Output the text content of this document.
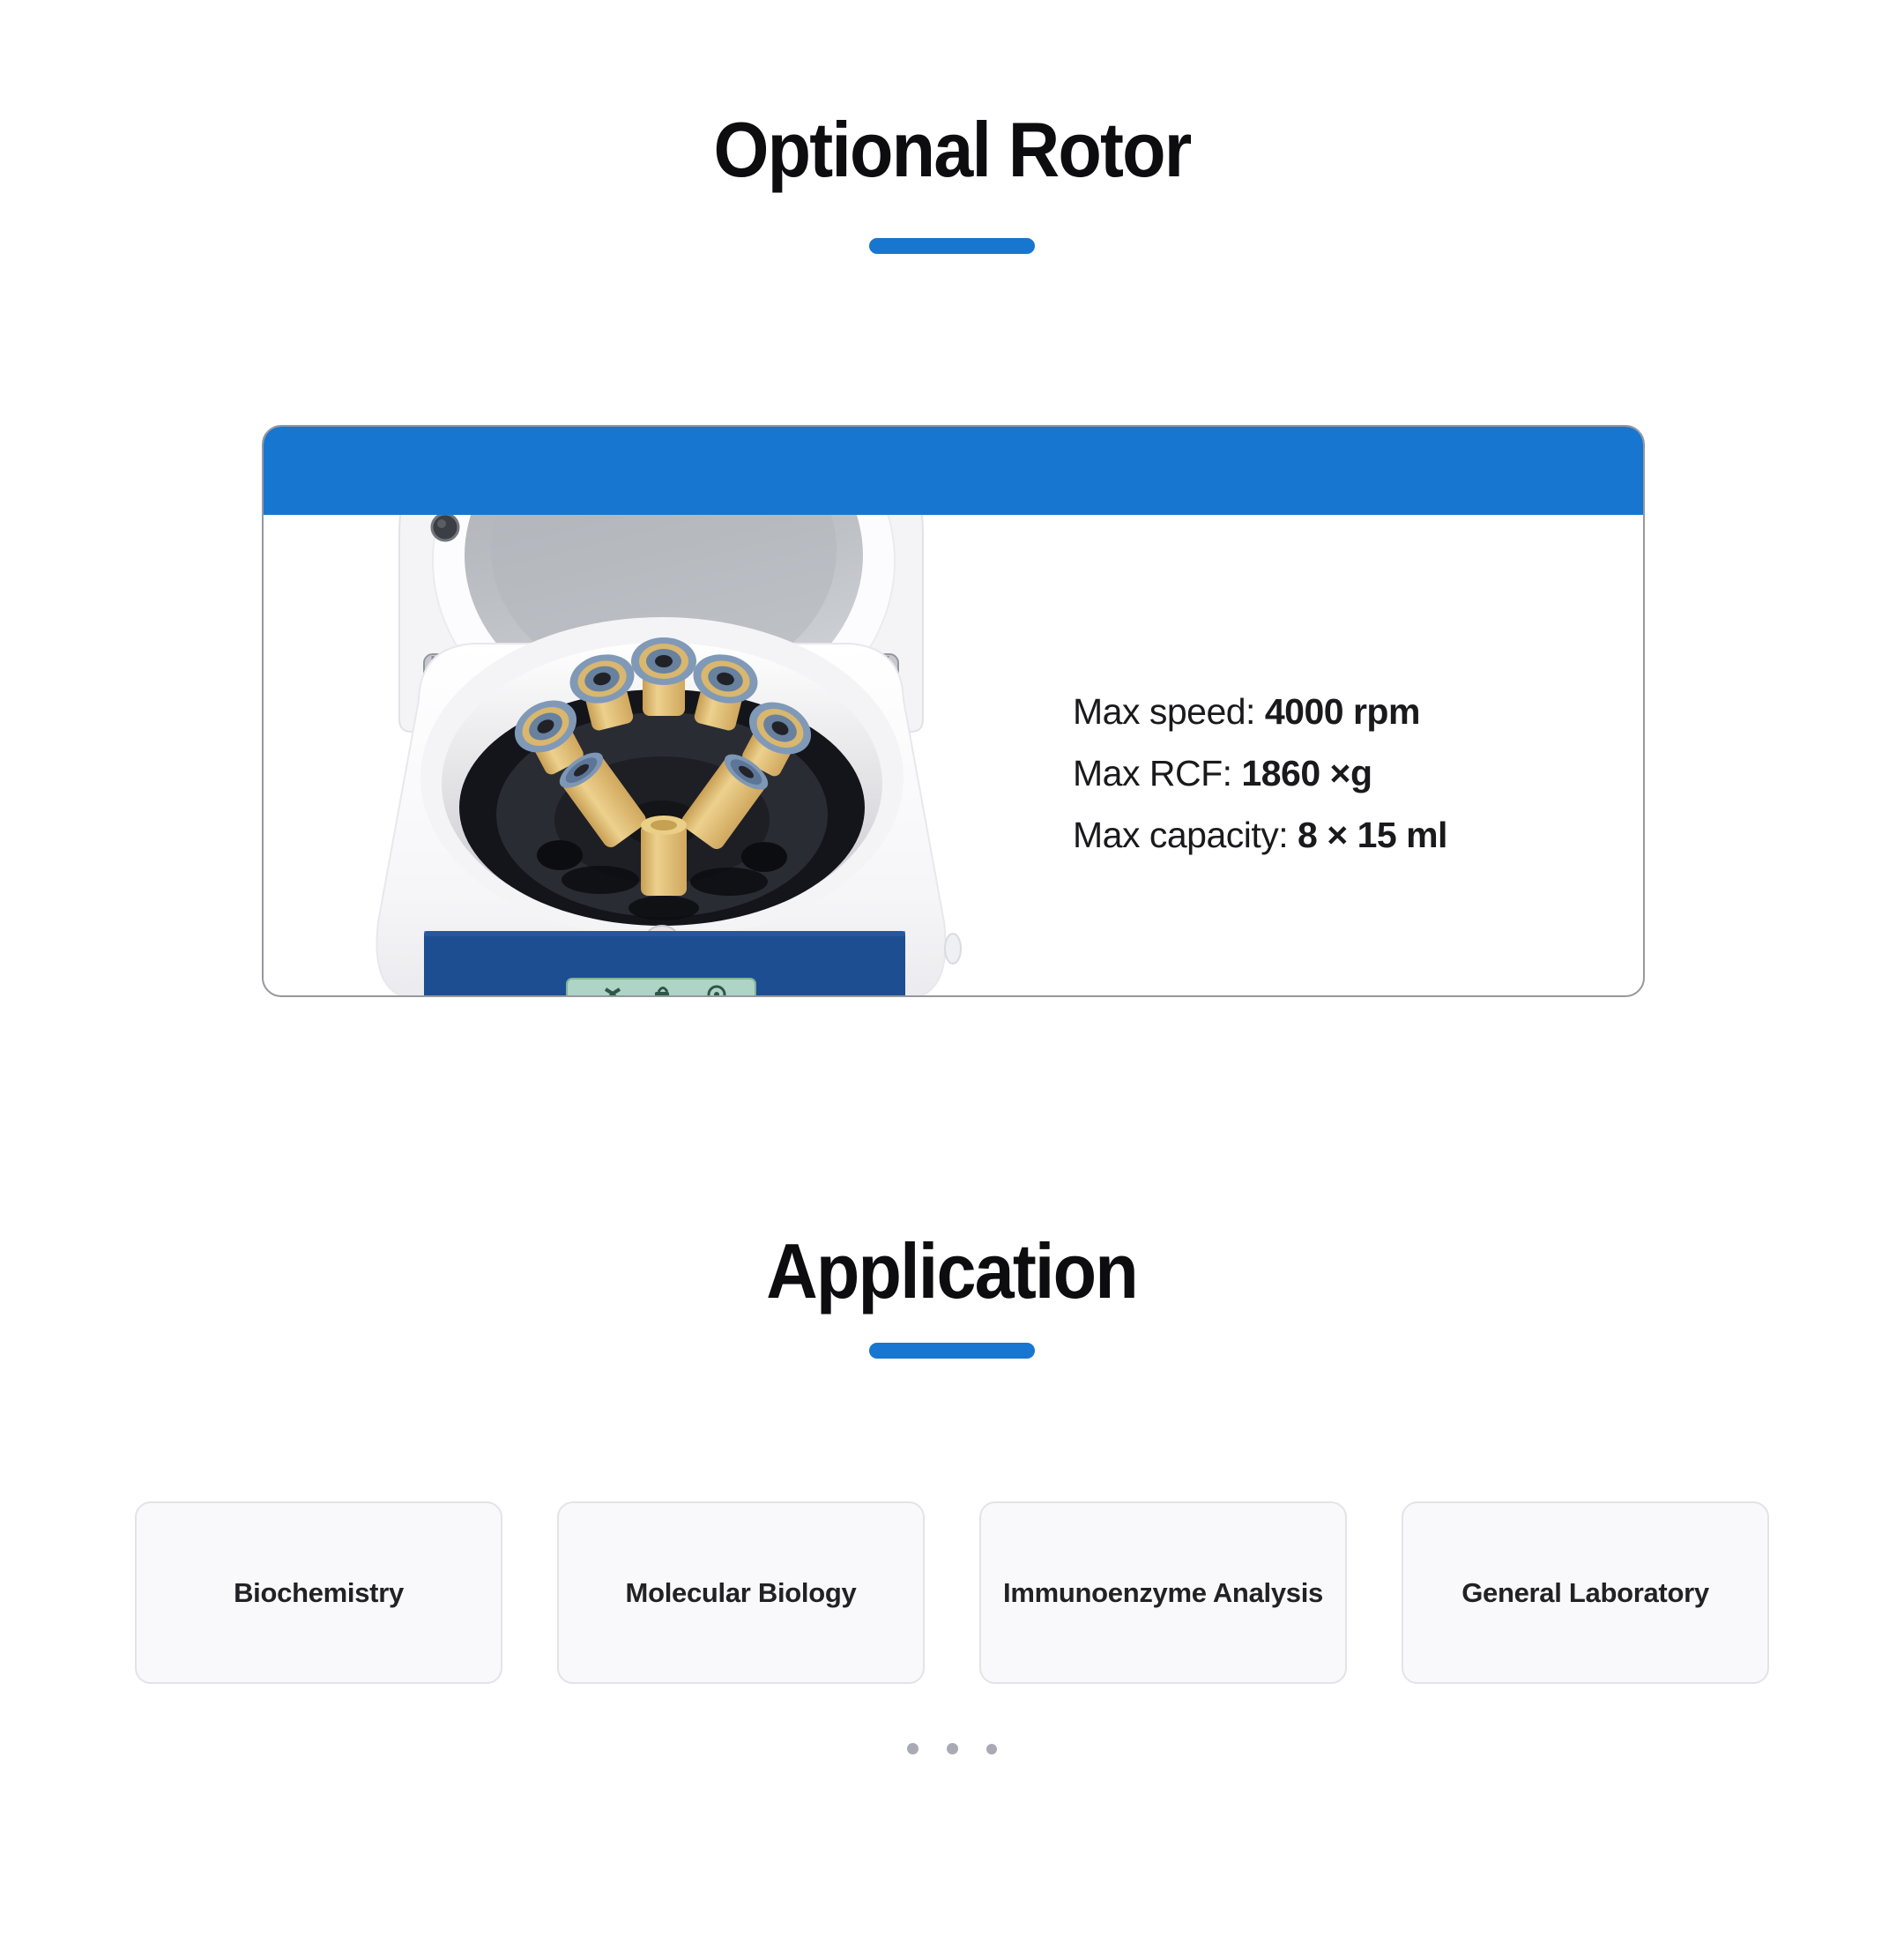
Optional Rotor

Max speed: 4000 rpm

Max RCF: 1860 ×g

Max capacity: 8 × 15 ml

Application
Biochemistry	Molecular Biology	Immunoenzyme Analysis	General Laboratory
